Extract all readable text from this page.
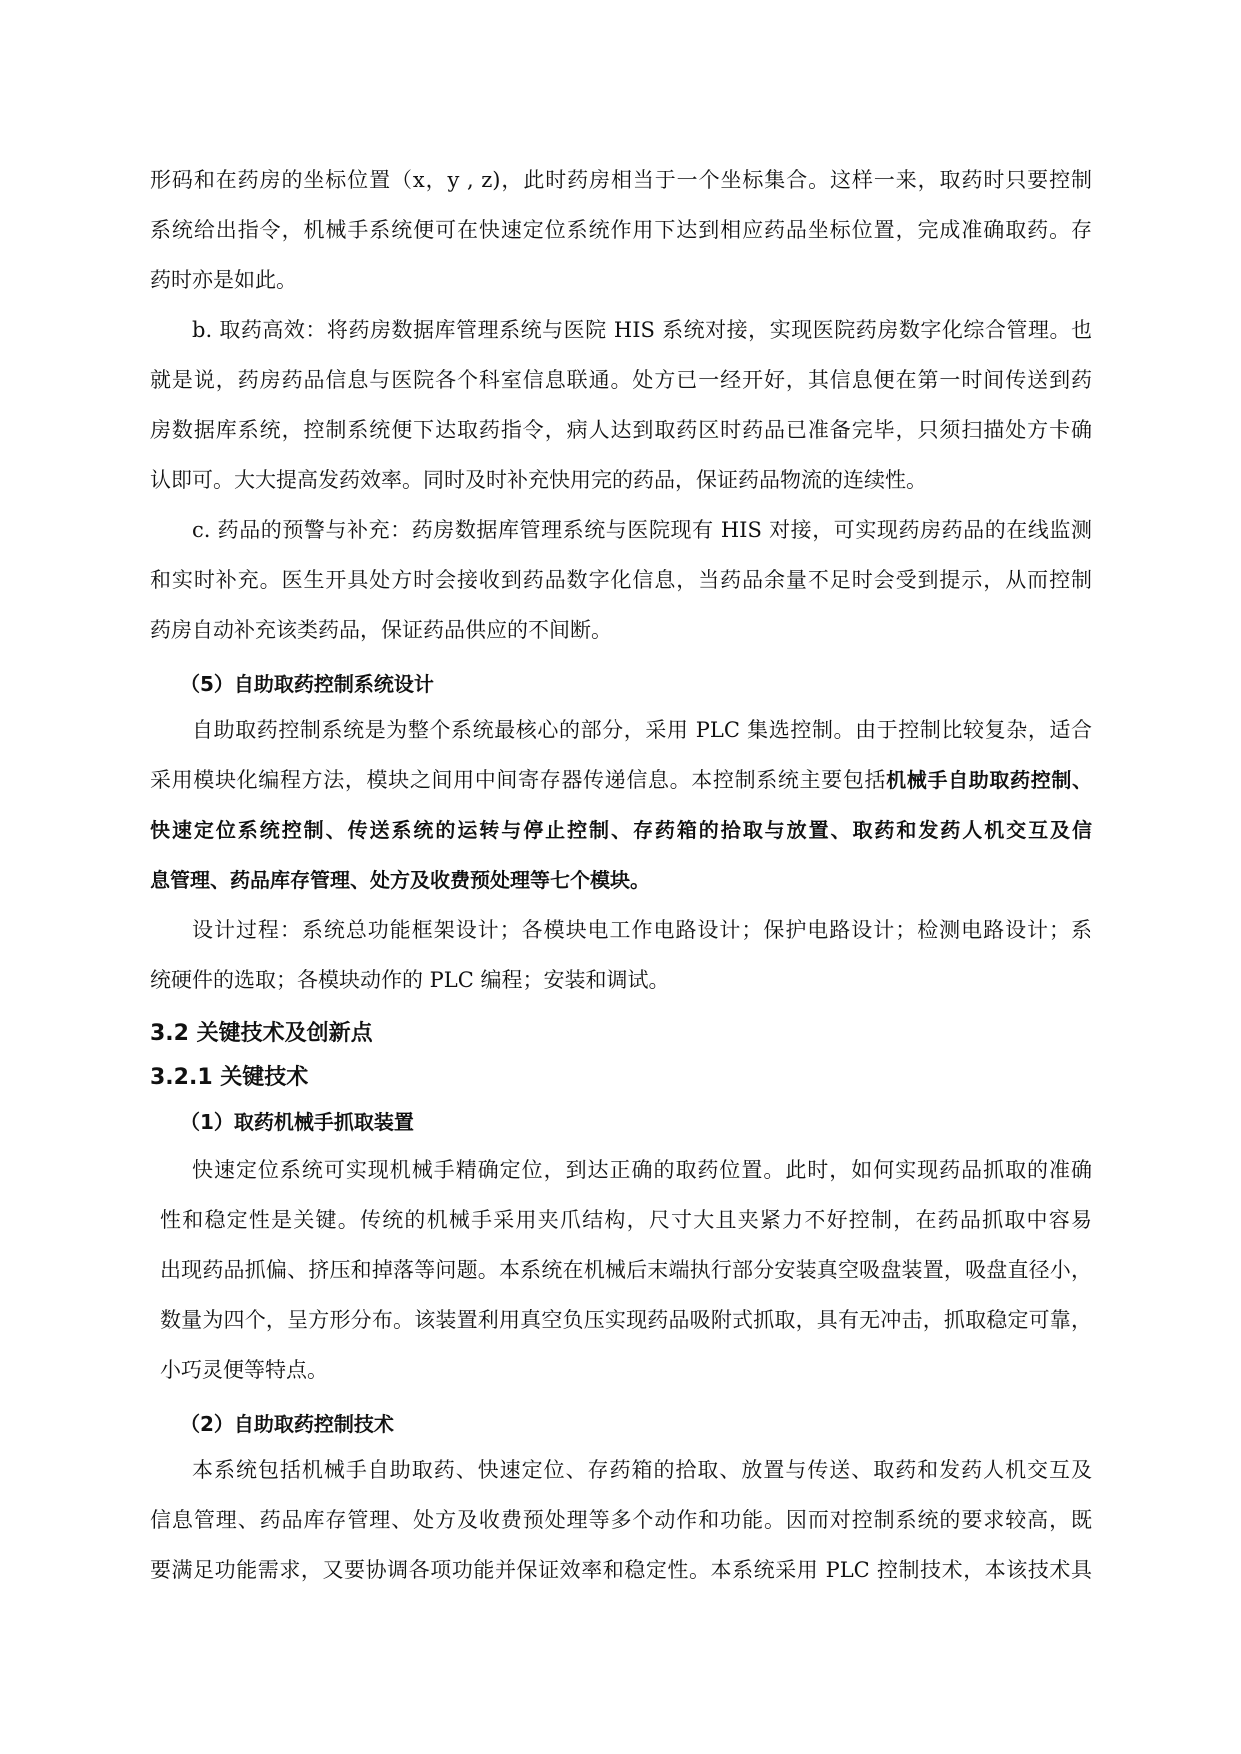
形码和在药房的坐标位置（x，y , z)，此时药房相当于一个坐标集合。这样一来，取药时只要控制

系统给出指令，机械手系统便可在快速定位系统作用下达到相应药品坐标位置，完成准确取药。存

药时亦是如此。

b. 取药高效：将药房数据库管理系统与医院 HIS 系统对接，实现医院药房数字化综合管理。也

就是说，药房药品信息与医院各个科室信息联通。处方已一经开好，其信息便在第一时间传送到药

房数据库系统，控制系统便下达取药指令，病人达到取药区时药品已准备完毕，只须扫描处方卡确

认即可。大大提高发药效率。同时及时补充快用完的药品，保证药品物流的连续性。

c. 药品的预警与补充：药房数据库管理系统与医院现有 HIS 对接，可实现药房药品的在线监测

和实时补充。医生开具处方时会接收到药品数字化信息，当药品余量不足时会受到提示，从而控制

药房自动补充该类药品，保证药品供应的不间断。

（5）自助取药控制系统设计

自助取药控制系统是为整个系统最核心的部分，采用 PLC 集选控制。由于控制比较复杂，适合

采用模块化编程方法，模块之间用中间寄存器传递信息。本控制系统主要包括机械手自助取药控制、

快速定位系统控制、传送系统的运转与停止控制、存药箱的拾取与放置、取药和发药人机交互及信

息管理、药品库存管理、处方及收费预处理等七个模块。

设计过程：系统总功能框架设计；各模块电工作电路设计；保护电路设计；检测电路设计；系

统硬件的选取；各模块动作的 PLC 编程；安装和调试。

3.2 关键技术及创新点

3.2.1 关键技术

（1）取药机械手抓取装置

快速定位系统可实现机械手精确定位，到达正确的取药位置。此时，如何实现药品抓取的准确

性和稳定性是关键。传统的机械手采用夹爪结构，尺寸大且夹紧力不好控制，在药品抓取中容易

出现药品抓偏、挤压和掉落等问题。本系统在机械后末端执行部分安装真空吸盘装置，吸盘直径小，

数量为四个，呈方形分布。该装置利用真空负压实现药品吸附式抓取，具有无冲击，抓取稳定可靠，

小巧灵便等特点。

（2）自助取药控制技术

本系统包括机械手自助取药、快速定位、存药箱的拾取、放置与传送、取药和发药人机交互及

信息管理、药品库存管理、处方及收费预处理等多个动作和功能。因而对控制系统的要求较高，既

要满足功能需求，又要协调各项功能并保证效率和稳定性。本系统采用 PLC 控制技术，本该技术具
